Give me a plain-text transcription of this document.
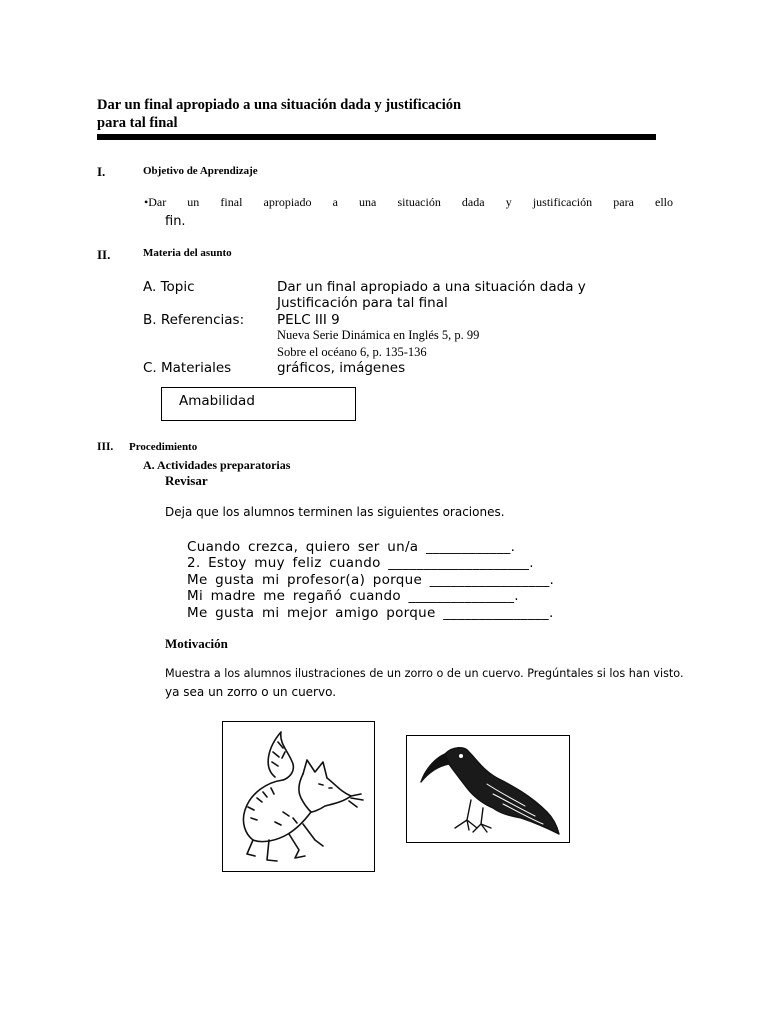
Dar un final apropiado a una situación dada y justificación
para tal final
I.	Objetivo de Aprendizaje
•Dar un final apropiado a una situación dada y justificación para ello
fin.
II.	Materia del asunto
A. Topic	Dar un final apropiado a una situación dada y
Justificación para tal final
B. Referencias: PELC III 9
Nueva Serie Dinámica en Inglés 5, p. 99
Sobre el océano 6, p. 135-136
C. Materiales	gráficos, imágenes
Amabilidad
III. Procedimiento
A. Actividades preparatorias
Revisar
Deja que los alumnos terminen las siguientes oraciones.
Cuando crezca, quiero ser un/a ____________.
2. Estoy muy feliz cuando ____________________.
Me gusta mi profesor(a) porque _________________.
Mi madre me regañó cuando _______________.
Me gusta mi mejor amigo porque _______________.
Motivación
Muestra a los alumnos ilustraciones de un zorro o de un cuervo. Pregúntales si los han visto.
ya sea un zorro o un cuervo.
